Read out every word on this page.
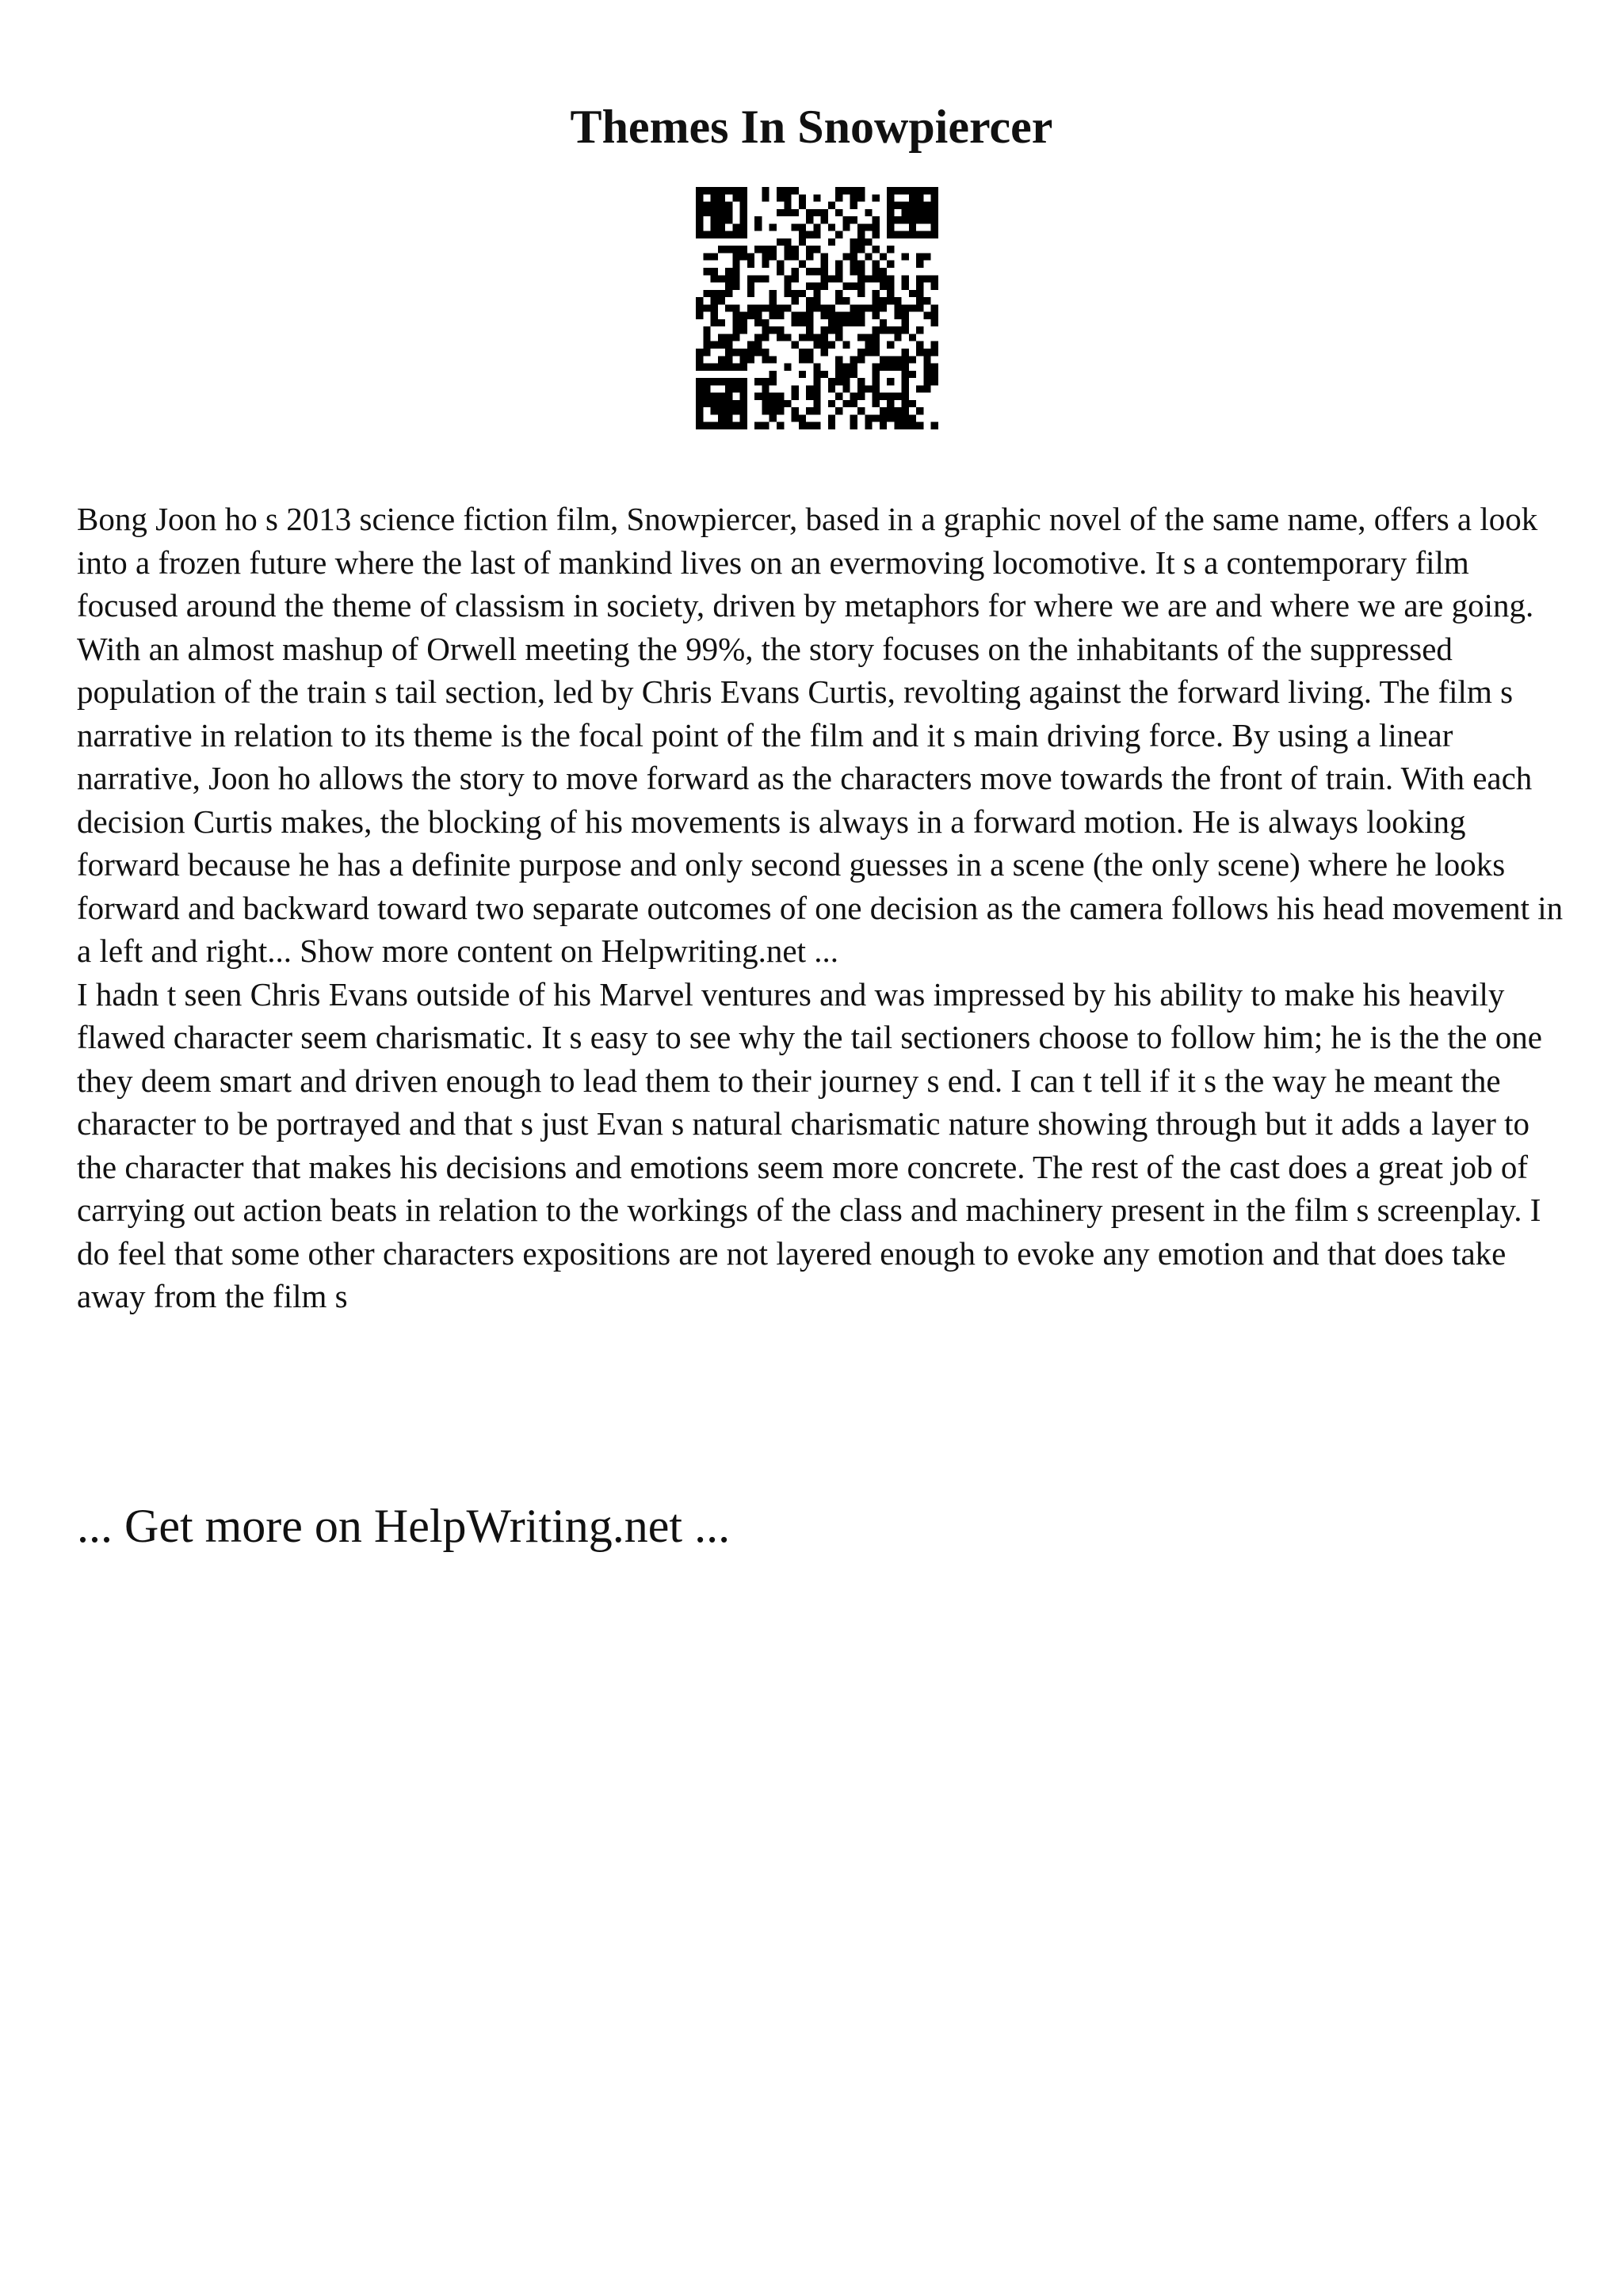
Themes In Snowpiercer

Bong Joon ho s 2013 science fiction film, Snowpiercer, based in a graphic novel of the same name, offers a look into a frozen future where the last of mankind lives on an evermoving locomotive. It s a contemporary film focused around the theme of classism in society, driven by metaphors for where we are and where we are going. With an almost mashup of Orwell meeting the 99%, the story focuses on the inhabitants of the suppressed population of the train s tail section, led by Chris Evans Curtis, revolting against the forward living. The film s narrative in relation to its theme is the focal point of the film and it s main driving force. By using a linear narrative, Joon ho allows the story to move forward as the characters move towards the front of train. With each decision Curtis makes, the blocking of his movements is always in a forward motion. He is always looking forward because he has a definite purpose and only second guesses in a scene (the only scene) where he looks forward and backward toward two separate outcomes of one decision as the camera follows his head movement in a left and right... Show more content on Helpwriting.net ...

I hadn t seen Chris Evans outside of his Marvel ventures and was impressed by his ability to make his heavily flawed character seem charismatic. It s easy to see why the tail sectioners choose to follow him; he is the the one they deem smart and driven enough to lead them to their journey s end. I can t tell if it s the way he meant the character to be portrayed and that s just Evan s natural charismatic nature showing through but it adds a layer to the character that makes his decisions and emotions seem more concrete. The rest of the cast does a great job of carrying out action beats in relation to the workings of the class and machinery present in the film s screenplay. I do feel that some other characters expositions are not layered enough to evoke any emotion and that does take away from the film s

... Get more on HelpWriting.net ...
